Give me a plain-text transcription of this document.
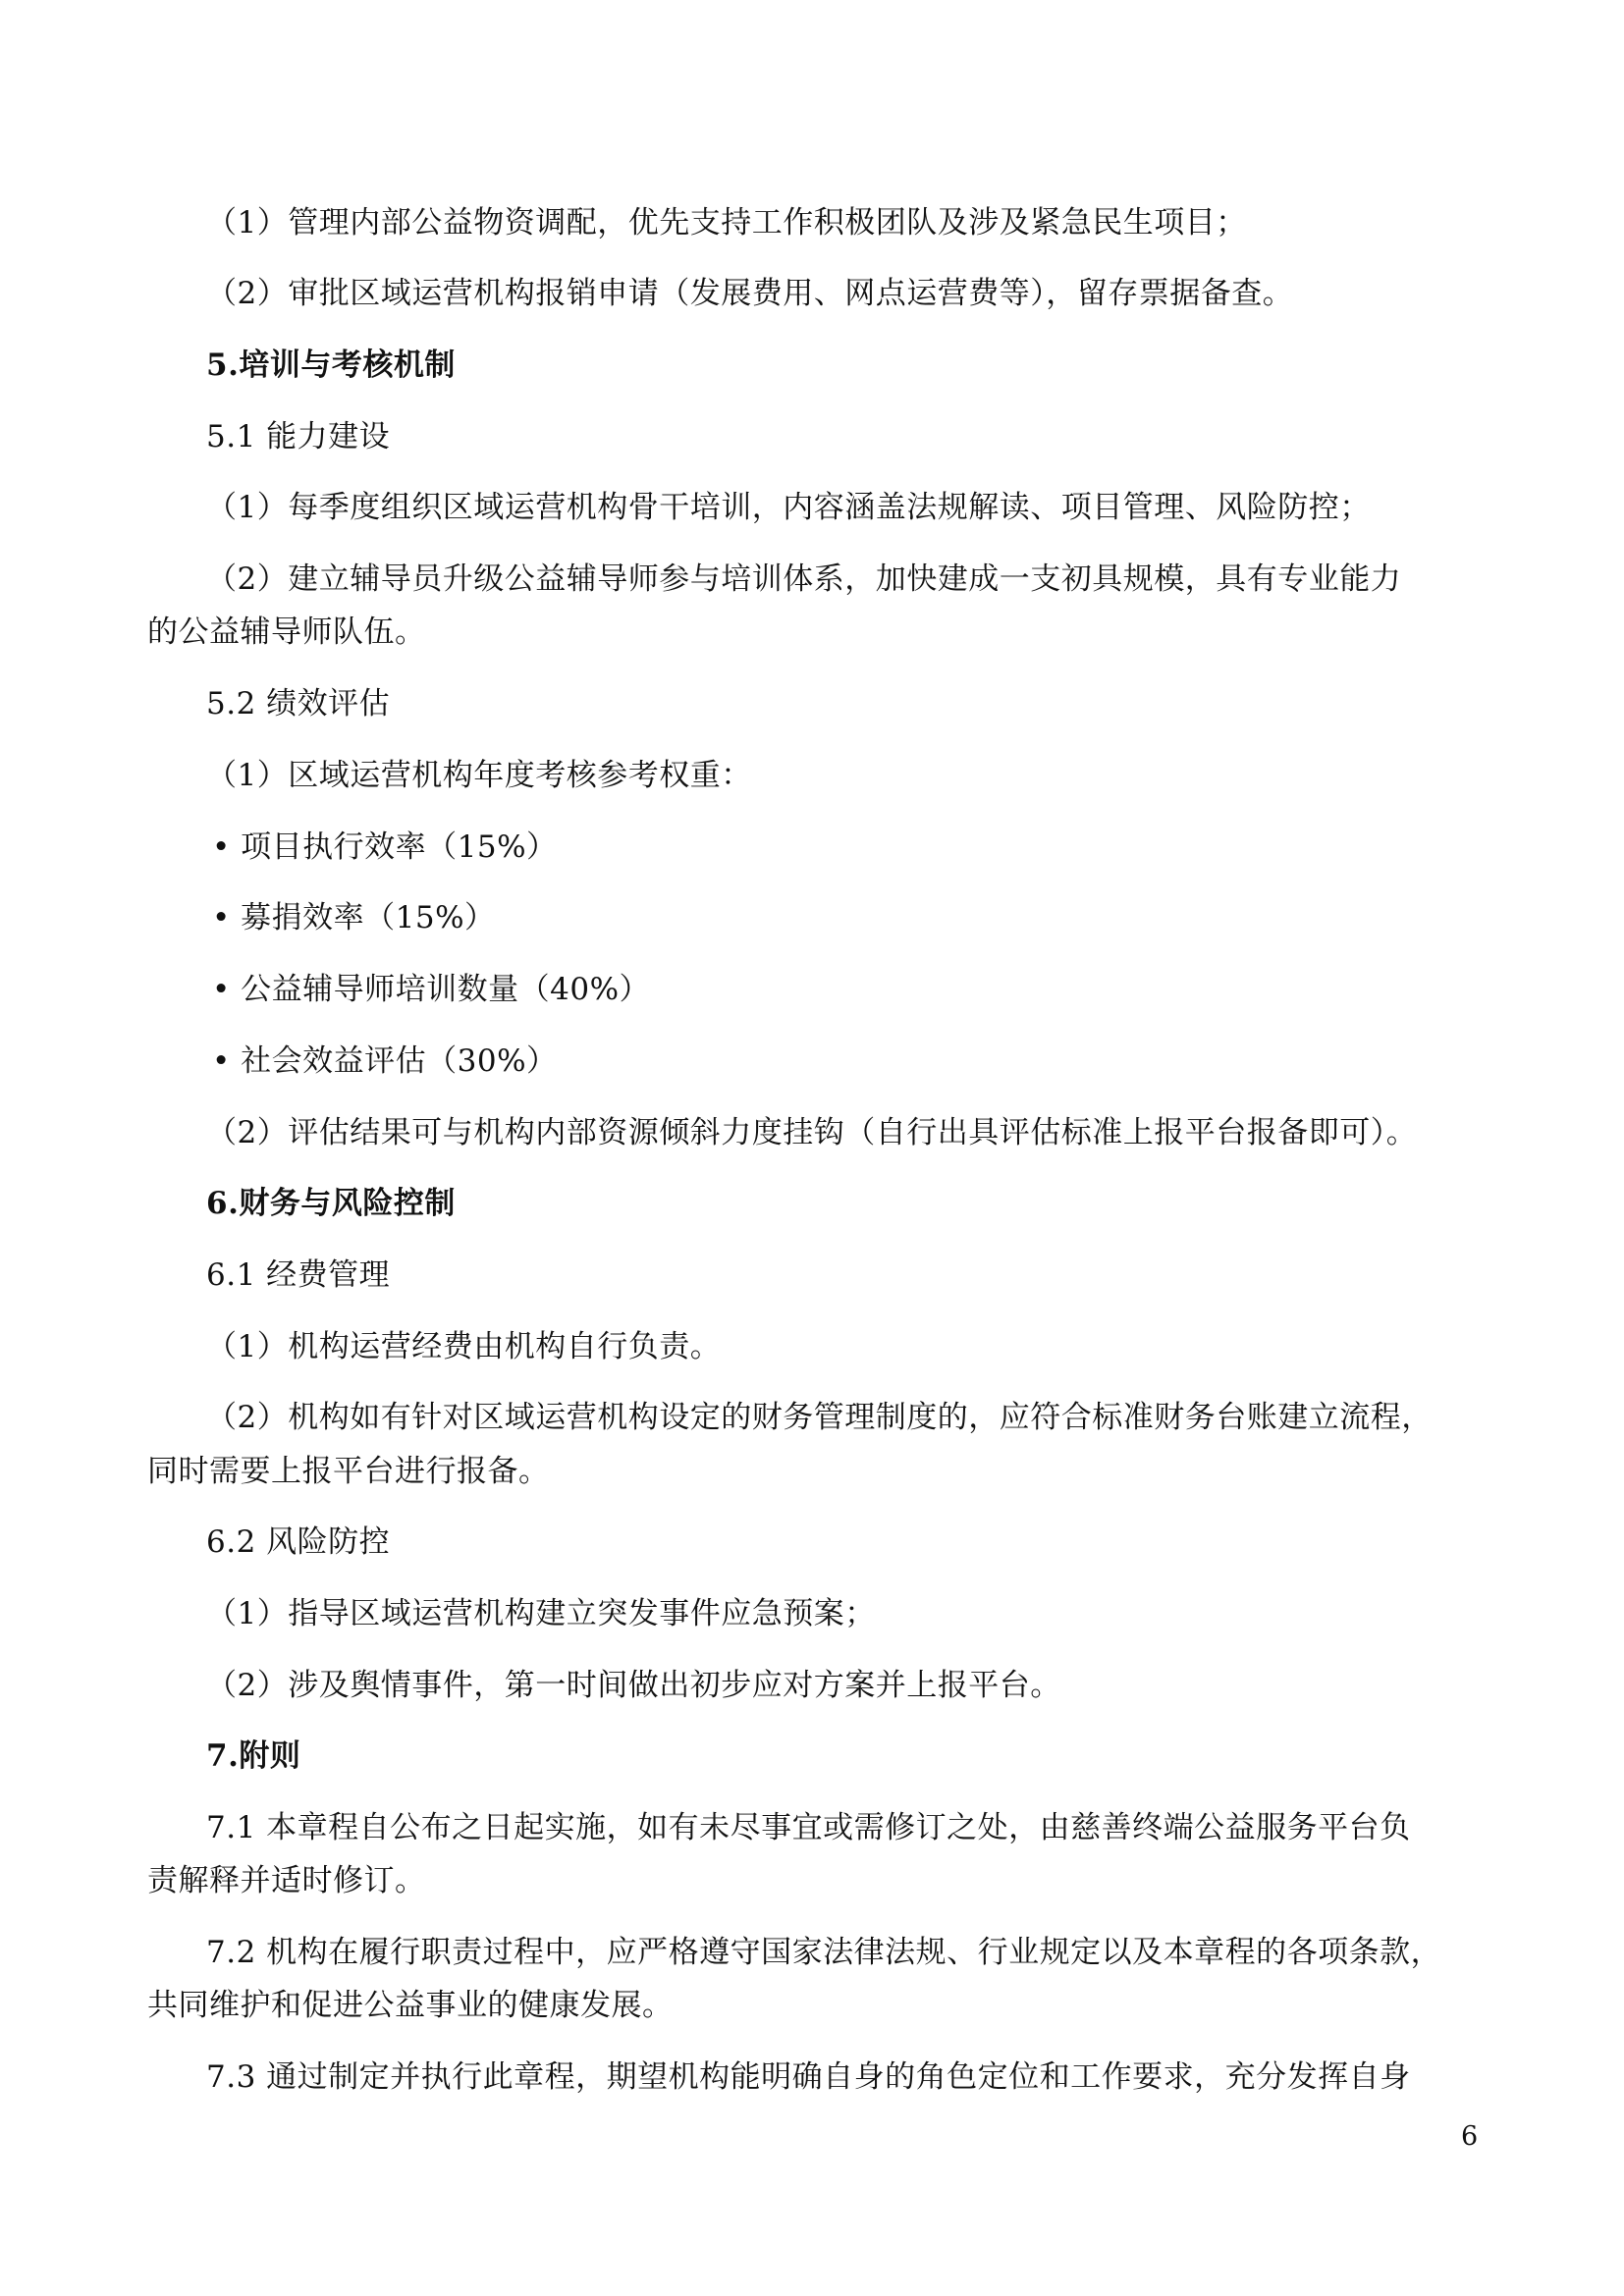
（1）管理内部公益物资调配，优先支持工作积极团队及涉及紧急民生项目；
（2）审批区域运营机构报销申请（发展费用、网点运营费等），留存票据备查。
5.培训与考核机制
5.1 能力建设
（1）每季度组织区域运营机构骨干培训，内容涵盖法规解读、项目管理、风险防控；
（2）建立辅导员升级公益辅导师参与培训体系，加快建成一支初具规模，具有专业能力
的公益辅导师队伍。
5.2 绩效评估
（1）区域运营机构年度考核参考权重：
• 项目执行效率（15%）
• 募捐效率（15%）
• 公益辅导师培训数量（40%）
• 社会效益评估（30%）
（2）评估结果可与机构内部资源倾斜力度挂钩（自行出具评估标准上报平台报备即可）。
6.财务与风险控制
6.1 经费管理
（1）机构运营经费由机构自行负责。
（2）机构如有针对区域运营机构设定的财务管理制度的，应符合标准财务台账建立流程，
同时需要上报平台进行报备。
6.2 风险防控
（1）指导区域运营机构建立突发事件应急预案；
（2）涉及舆情事件，第一时间做出初步应对方案并上报平台。
7.附则
7.1 本章程自公布之日起实施，如有未尽事宜或需修订之处，由慈善终端公益服务平台负
责解释并适时修订。
7.2 机构在履行职责过程中，应严格遵守国家法律法规、行业规定以及本章程的各项条款，
共同维护和促进公益事业的健康发展。
7.3 通过制定并执行此章程，期望机构能明确自身的角色定位和工作要求，充分发挥自身
6
